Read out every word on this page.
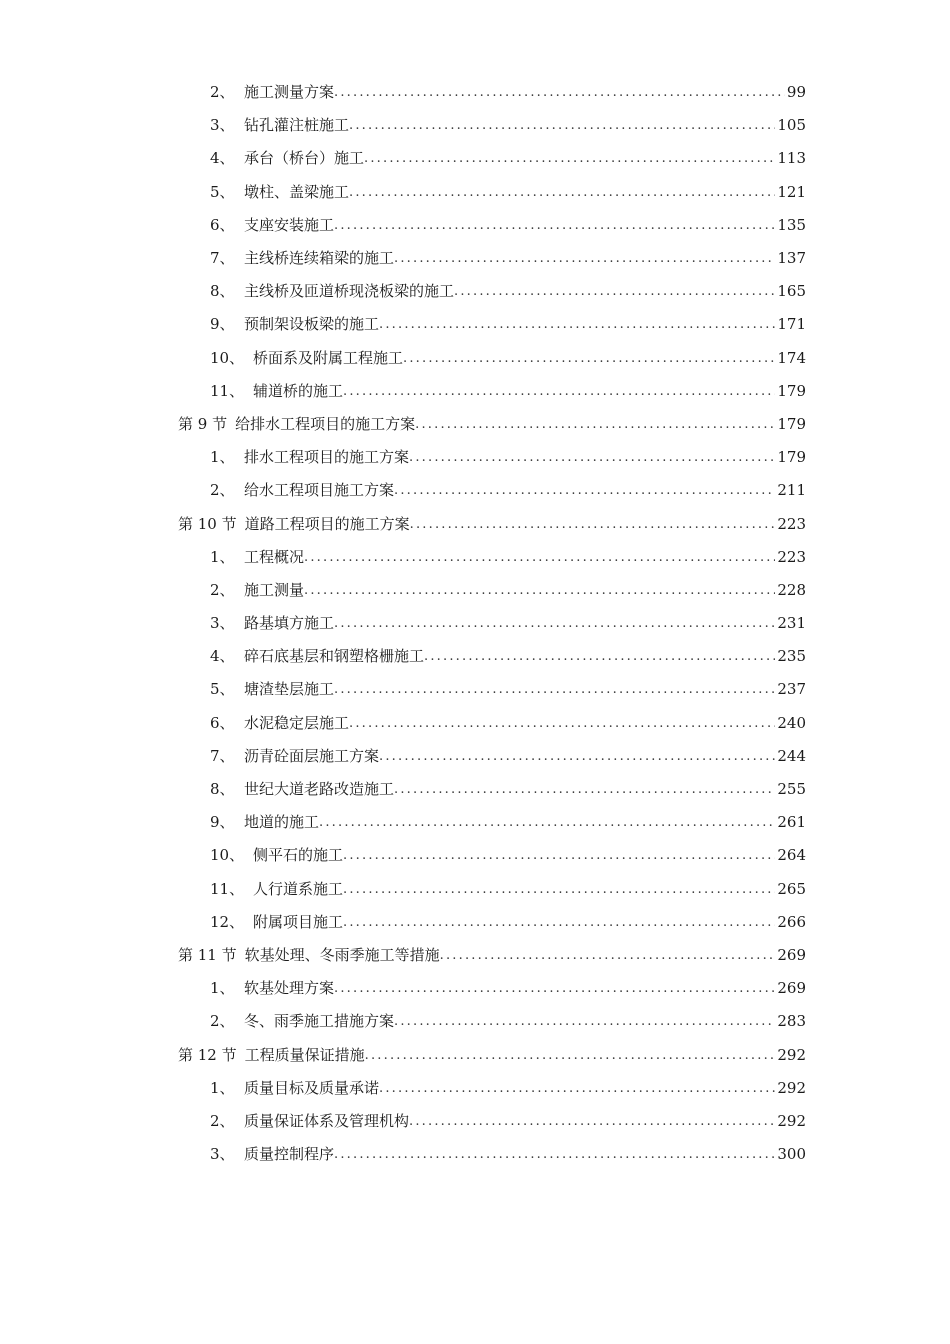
2、 施工测量方案 .....	99
3、 钻孔灌注桩施工 .....	105
4、 承台（桥台）施工 .....	113
5、 墩柱、盖梁施工 .....	121
6、 支座安装施工 .....	135
7、 主线桥连续箱梁的施工 .....	137
8、 主线桥及匝道桥现浇板梁的施工 .....	165
9、 预制架设板梁的施工 .....	171
10、 桥面系及附属工程施工 .....	174
11、 辅道桥的施工 .....	179
第 9 节 给排水工程项目的施工方案 .....	179
1、 排水工程项目的施工方案 .....	179
2、 给水工程项目施工方案 .....	211
第 10 节 道路工程项目的施工方案 .....	223
1、 工程概况 .....	223
2、 施工测量 .....	228
3、 路基填方施工 .....	231
4、 碎石底基层和钢塑格栅施工 .....	235
5、 塘渣垫层施工 .....	237
6、 水泥稳定层施工 .....	240
7、 沥青砼面层施工方案 .....	244
8、 世纪大道老路改造施工 .....	255
9、 地道的施工 .....	261
10、 侧平石的施工 .....	264
11、 人行道系施工 .....	265
12、 附属项目施工 .....	266
第 11 节 软基处理、冬雨季施工等措施 .....	269
1、 软基处理方案 .....	269
2、 冬、雨季施工措施方案 .....	283
第 12 节 工程质量保证措施 .....	292
1、 质量目标及质量承诺 .....	292
2、 质量保证体系及管理机构 .....	292
3、 质量控制程序 .....	300
